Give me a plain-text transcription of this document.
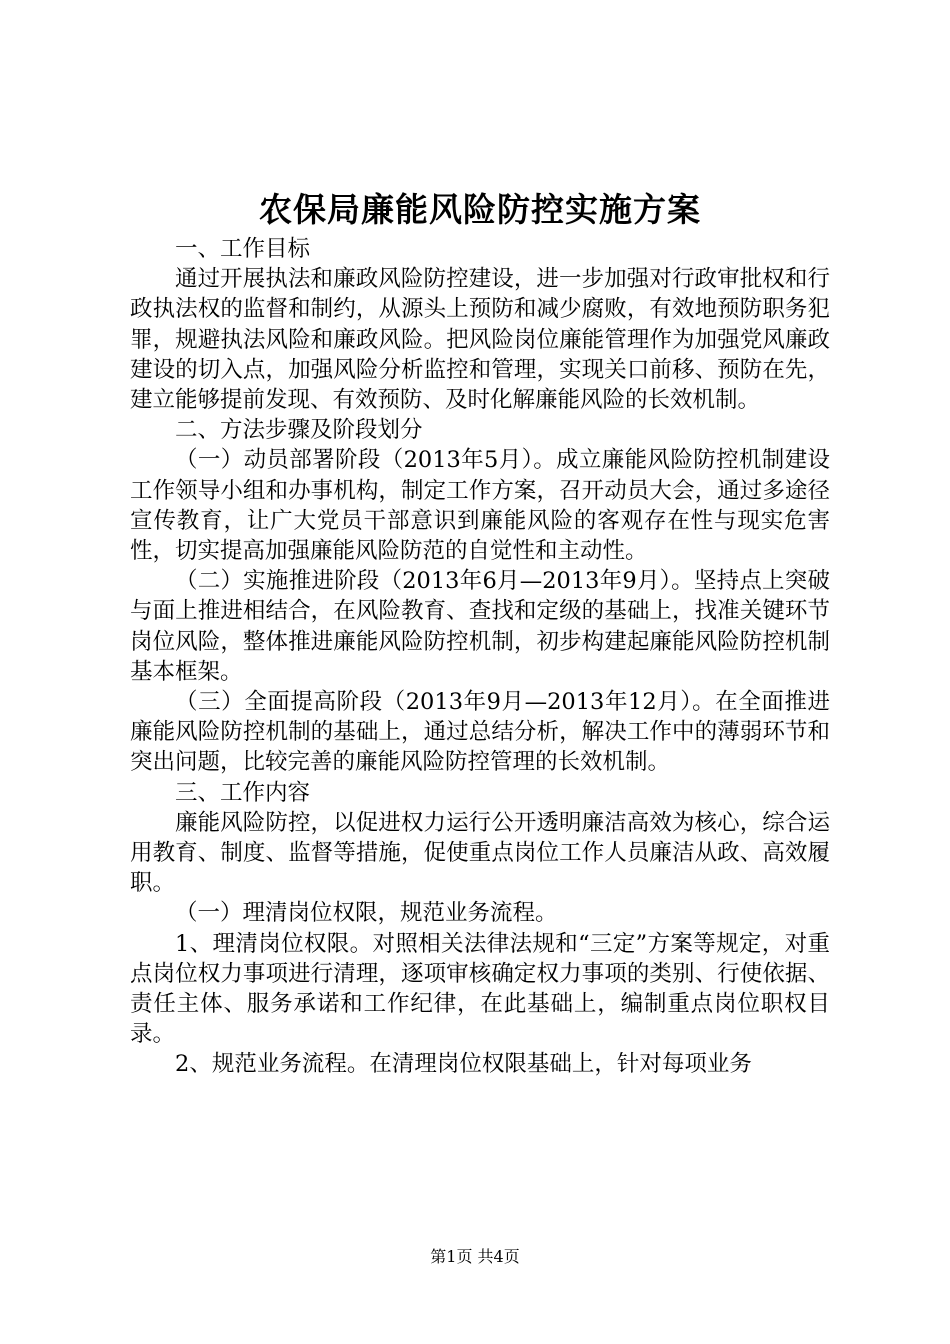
农保局廉能风险防控实施方案

一、工作目标

通过开展执法和廉政风险防控建设，进一步加强对行政审批权和行政执法权的监督和制约，从源头上预防和减少腐败，有效地预防职务犯罪，规避执法风险和廉政风险。把风险岗位廉能管理作为加强党风廉政建设的切入点，加强风险分析监控和管理，实现关口前移、预防在先，建立能够提前发现、有效预防、及时化解廉能风险的长效机制。

二、方法步骤及阶段划分

（一）动员部署阶段（2013年5月）。成立廉能风险防控机制建设工作领导小组和办事机构，制定工作方案，召开动员大会，通过多途径宣传教育，让广大党员干部意识到廉能风险的客观存在性与现实危害性，切实提高加强廉能风险防范的自觉性和主动性。

（二）实施推进阶段（2013年6月—2013年9月）。坚持点上突破与面上推进相结合，在风险教育、查找和定级的基础上，找准关键环节岗位风险，整体推进廉能风险防控机制，初步构建起廉能风险防控机制基本框架。

（三）全面提高阶段（2013年9月—2013年12月）。在全面推进廉能风险防控机制的基础上，通过总结分析，解决工作中的薄弱环节和突出问题，比较完善的廉能风险防控管理的长效机制。

三、工作内容

廉能风险防控，以促进权力运行公开透明廉洁高效为核心，综合运用教育、制度、监督等措施，促使重点岗位工作人员廉洁从政、高效履职。

（一）理清岗位权限，规范业务流程。

1、理清岗位权限。对照相关法律法规和“三定”方案等规定，对重点岗位权力事项进行清理，逐项审核确定权力事项的类别、行使依据、责任主体、服务承诺和工作纪律，在此基础上，编制重点岗位职权目录。

2、规范业务流程。在清理岗位权限基础上，针对每项业务

第1页 共4页
